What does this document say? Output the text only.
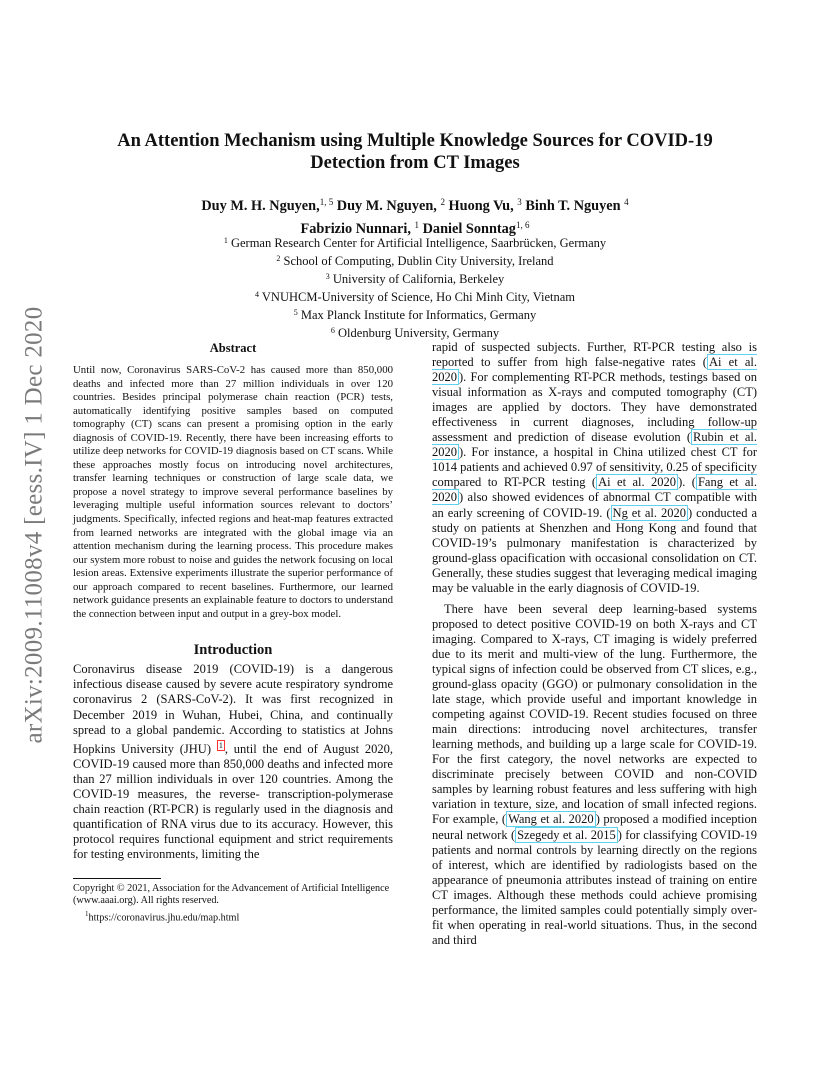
arXiv:2009.11008v4 [eess.IV] 1 Dec 2020
An Attention Mechanism using Multiple Knowledge Sources for COVID-19
Detection from CT Images
Duy M. H. Nguyen,$^{1, 5}$ Duy M. Nguyen, $^2$ Huong Vu, $^3$ Binh T. Nguyen $^4$
Fabrizio Nunnari, $^1$ Daniel Sonntag$^{1, 6}$
$^1$ German Research Center for Artificial Intelligence, Saarbrücken, Germany
$^2$ School of Computing, Dublin City University, Ireland
$^3$ University of California, Berkeley
$^4$ VNUHCM-University of Science, Ho Chi Minh City, Vietnam
$^5$ Max Planck Institute for Informatics, Germany
$^6$ Oldenburg University, Germany
Abstract

Until now, Coronavirus SARS-CoV-2 has caused more than 850,000 deaths and infected more than 27 million individuals in over 120 countries. Besides principal polymerase chain reaction (PCR) tests, automatically identifying positive samples based on computed tomography (CT) scans can present a promising option in the early diagnosis of COVID-19. Recently, there have been increasing efforts to utilize deep networks for COVID-19 diagnosis based on CT scans. While these approaches mostly focus on introducing novel architectures, transfer learning techniques or construction of large scale data, we propose a novel strategy to improve several performance baselines by leveraging multiple useful information sources relevant to doctors’ judgments. Specifically, infected regions and heat-map features extracted from learned networks are integrated with the global image via an attention mechanism during the learning process. This procedure makes our system more robust to noise and guides the network focusing on local lesion areas. Extensive experiments illustrate the superior performance of our approach compared to recent baselines. Furthermore, our learned network guidance presents an explainable feature to doctors to understand the connection between input and output in a grey-box model.

Introduction

Coronavirus disease 2019 (COVID-19) is a dangerous infectious disease caused by severe acute respiratory syndrome coronavirus 2 (SARS-CoV-2). It was first recognized in December 2019 in Wuhan, Hubei, China, and continually spread to a global pandemic. According to statistics at Johns Hopkins University (JHU) $^1$ , until the end of August 2020, COVID-19 caused more than 850,000 deaths and infected more than 27 million individuals in over 120 countries. Among the COVID-19 measures, the reverse- transcription-polymerase chain reaction (RT-PCR) is regularly used in the diagnosis and quantification of RNA virus due to its accuracy. However, this protocol requires functional equipment and strict requirements for testing environments, limiting the

Copyright © 2021, Association for the Advancement of Artificial Intelligence (www.aaai.org). All rights reserved.

$^1$https://coronavirus.jhu.edu/map.html

rapid of suspected subjects. Further, RT-PCR testing also is reported to suffer from high false-negative rates ( Ai et al. 2020 ). For complementing RT-PCR methods, testings based on visual information as X-rays and computed tomography (CT) images are applied by doctors. They have demonstrated effectiveness in current diagnoses, including follow-up assessment and prediction of disease evolution ( Rubin et al. 2020 ). For instance, a hospital in China utilized chest CT for 1014 patients and achieved 0.97 of sensitivity, 0.25 of specificity compared to RT-PCR testing ( Ai et al. 2020 ). ( Fang et al. 2020 ) also showed evidences of abnormal CT compatible with an early screening of COVID-19. ( Ng et al. 2020 ) conducted a study on patients at Shenzhen and Hong Kong and found that COVID-19’s pulmonary manifestation is characterized by ground-glass opacification with occasional consolidation on CT. Generally, these studies suggest that leveraging medical imaging may be valuable in the early diagnosis of COVID-19.

There have been several deep learning-based systems proposed to detect positive COVID-19 on both X-rays and CT imaging. Compared to X-rays, CT imaging is widely preferred due to its merit and multi-view of the lung. Furthermore, the typical signs of infection could be observed from CT slices, e.g., ground-glass opacity (GGO) or pulmonary consolidation in the late stage, which provide useful and important knowledge in competing against COVID-19. Recent studies focused on three main directions: introducing novel architectures, transfer learning methods, and building up a large scale for COVID-19. For the first category, the novel networks are expected to discriminate precisely between COVID and non-COVID samples by learning robust features and less suffering with high variation in texture, size, and location of small infected regions. For example, ( Wang et al. 2020 ) proposed a modified inception neural network ( Szegedy et al. 2015 ) for classifying COVID-19 patients and normal controls by learning directly on the regions of interest, which are identified by radiologists based on the appearance of pneumonia attributes instead of training on entire CT images. Although these methods could achieve promising performance, the limited samples could potentially simply over-fit when operating in real-world situations. Thus, in the second and third
